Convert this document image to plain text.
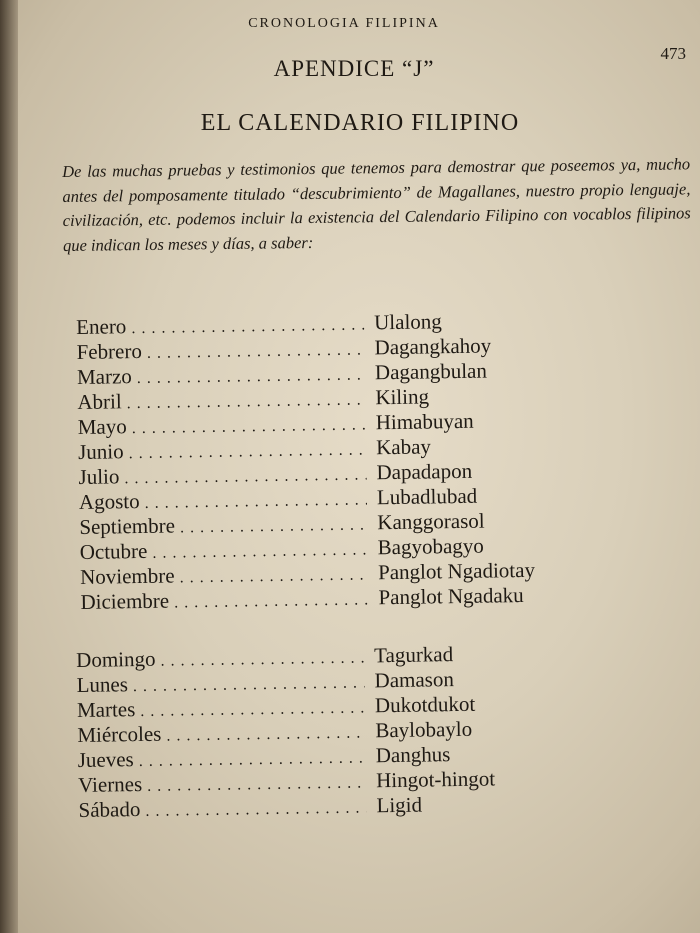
CRONOLOGIA FILIPINA
473
APENDICE “J”
EL CALENDARIO FILIPINO

De las muchas pruebas y testimonios que tenemos para demostrar que poseemos ya, mucho antes del pomposamente titulado “descubrimiento” de Magallanes, nuestro propio lenguaje, civilización, etc. podemos incluir la existencia del Calendario Filipino con vocablos filipinos que indican los meses y días, a saber:

Enero . . .	Ulalong
Febrero . . .	Dagangkahoy
Marzo . . .	Dagangbulan
Abril . . .	Kiling
Mayo . . .	Himabuyan
Junio . . .	Kabay
Julio . . .	Dapadapon
Agosto . . .	Lubadlubad
Septiembre . . .	Kanggorasol
Octubre . . .	Bagyobagyo
Noviembre . . .	Panglot Ngadiotay
Diciembre . . .	Panglot Ngadaku
Domingo . . .	Tagurkad
Lunes . . .	Damason
Martes . . .	Dukotdukot
Miércoles . . .	Baylobaylo
Jueves . . .	Danghus
Viernes . . .	Hingot-hingot
Sábado . . .	Ligid
